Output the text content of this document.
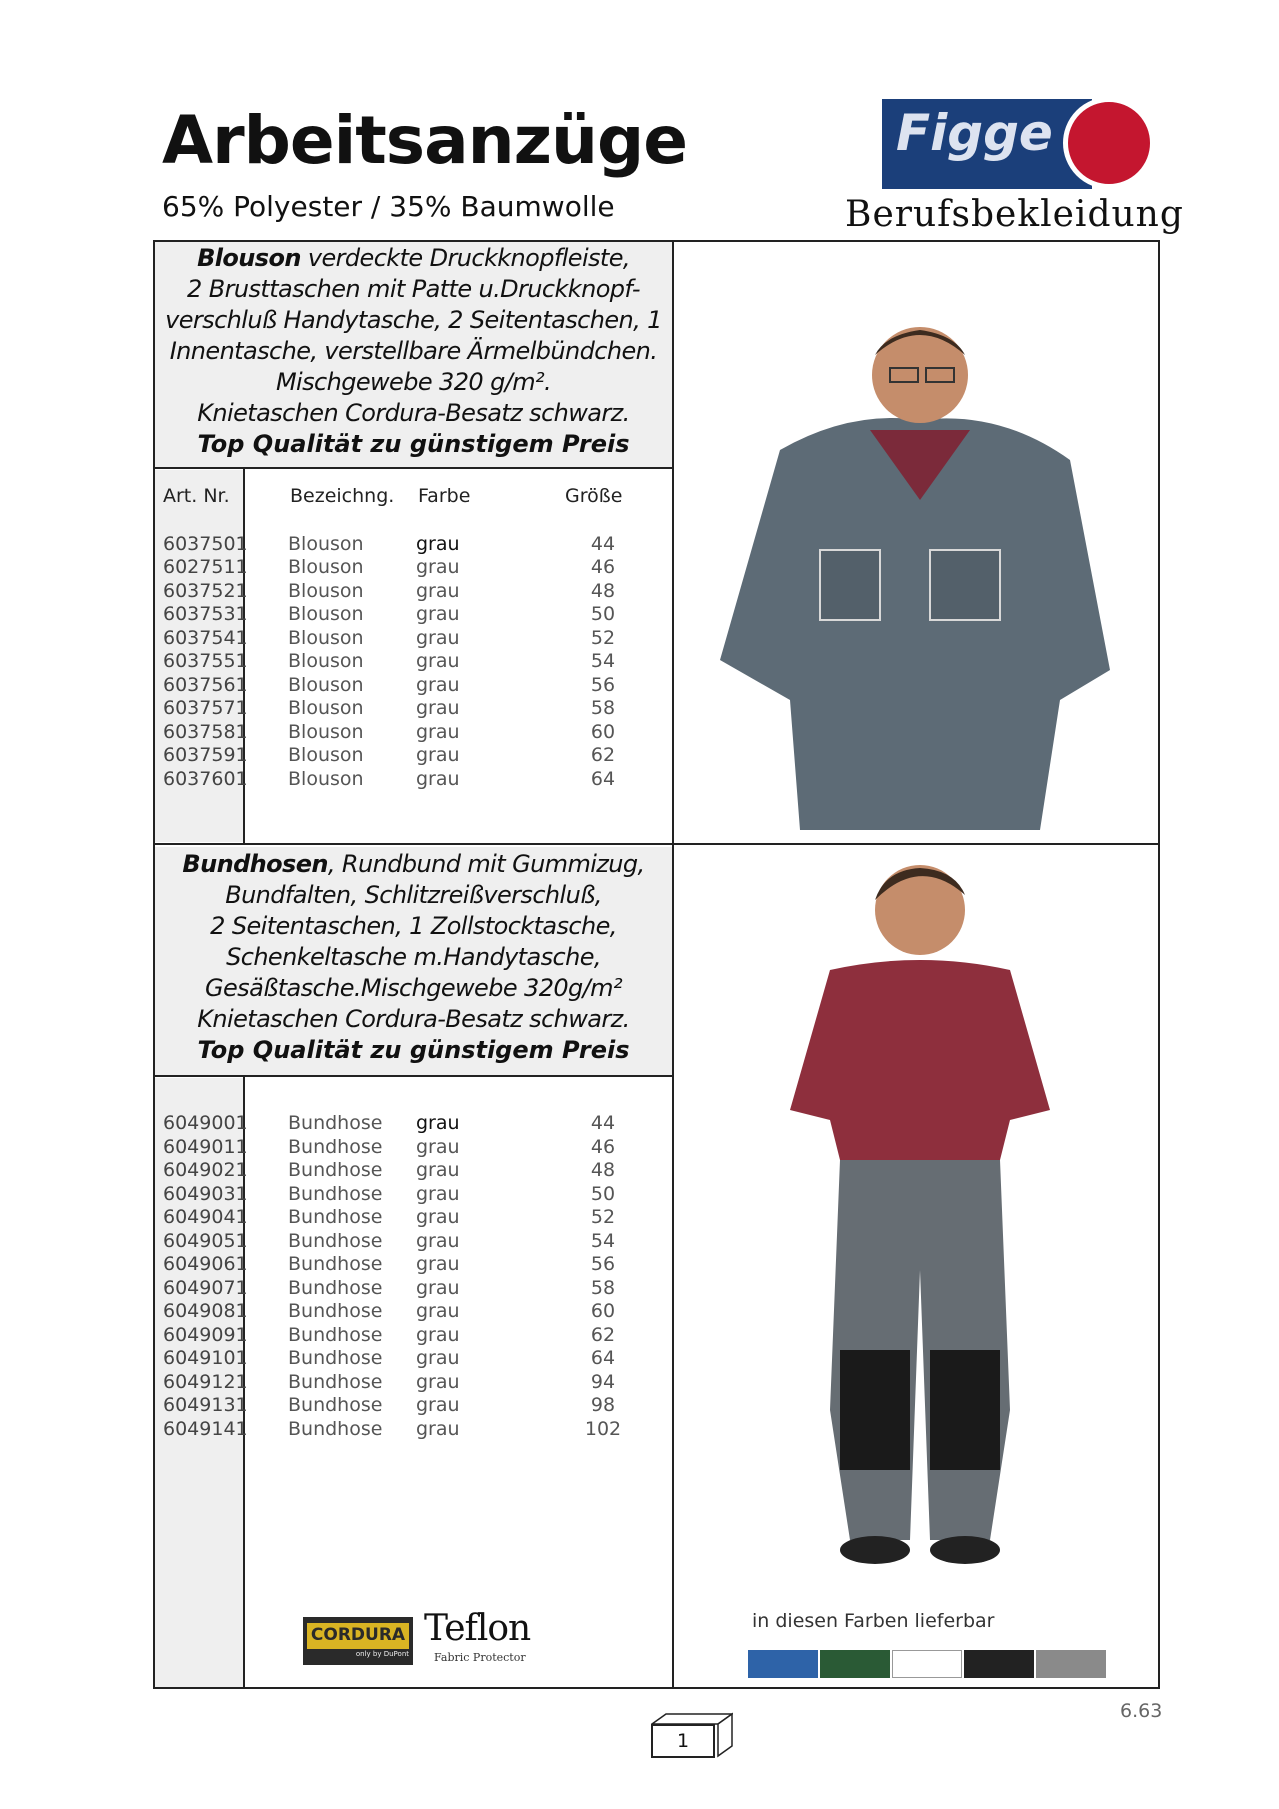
Arbeitsanzüge
65% Polyester / 35% Baumwolle
Figge
Berufsbekleidung
Blouson verdeckte Druckknopfleiste,
2 Brusttaschen mit Patte u.Druckknopf-
verschluß Handytasche, 2 Seitentaschen, 1
Innentasche, verstellbare Ärmelbündchen.
Mischgewebe 320 g/m².
Knietaschen Cordura-Besatz schwarz.
Top Qualität zu günstigem Preis
Bundhosen, Rundbund mit Gummizug,
Bundfalten, Schlitzreißverschluß,
2 Seitentaschen, 1 Zollstocktasche,
Schenkeltasche m.Handytasche,
Gesäßtasche.Mischgewebe 320g/m²
Knietaschen Cordura-Besatz schwarz.
Top Qualität zu günstigem Preis
Art. Nr.	Bezeichng. Farbe	Größe
6037501 Blouson	grau	44
6027511 Blouson	grau	46
6037521 Blouson	grau	48
6037531 Blouson	grau	50
6037541 Blouson	grau	52
6037551 Blouson	grau	54
6037561 Blouson	grau	56
6037571 Blouson	grau	58
6037581 Blouson	grau	60
6037591 Blouson	grau	62
6037601 Blouson	grau	64
6049001 Bundhose grau	44
6049011 Bundhose grau	46
6049021 Bundhose grau	48
6049031 Bundhose grau	50
6049041 Bundhose grau	52
6049051 Bundhose grau	54
6049061 Bundhose grau	56
6049071 Bundhose grau	58
6049081 Bundhose grau	60
6049091 Bundhose grau	62
6049101 Bundhose grau	64
6049121 Bundhose grau	94
6049131 Bundhose grau	98
6049141 Bundhose grau	102
CORDURA
only by DuPont
Teflon
Fabric Protector
in diesen Farben lieferbar
6.63
1
